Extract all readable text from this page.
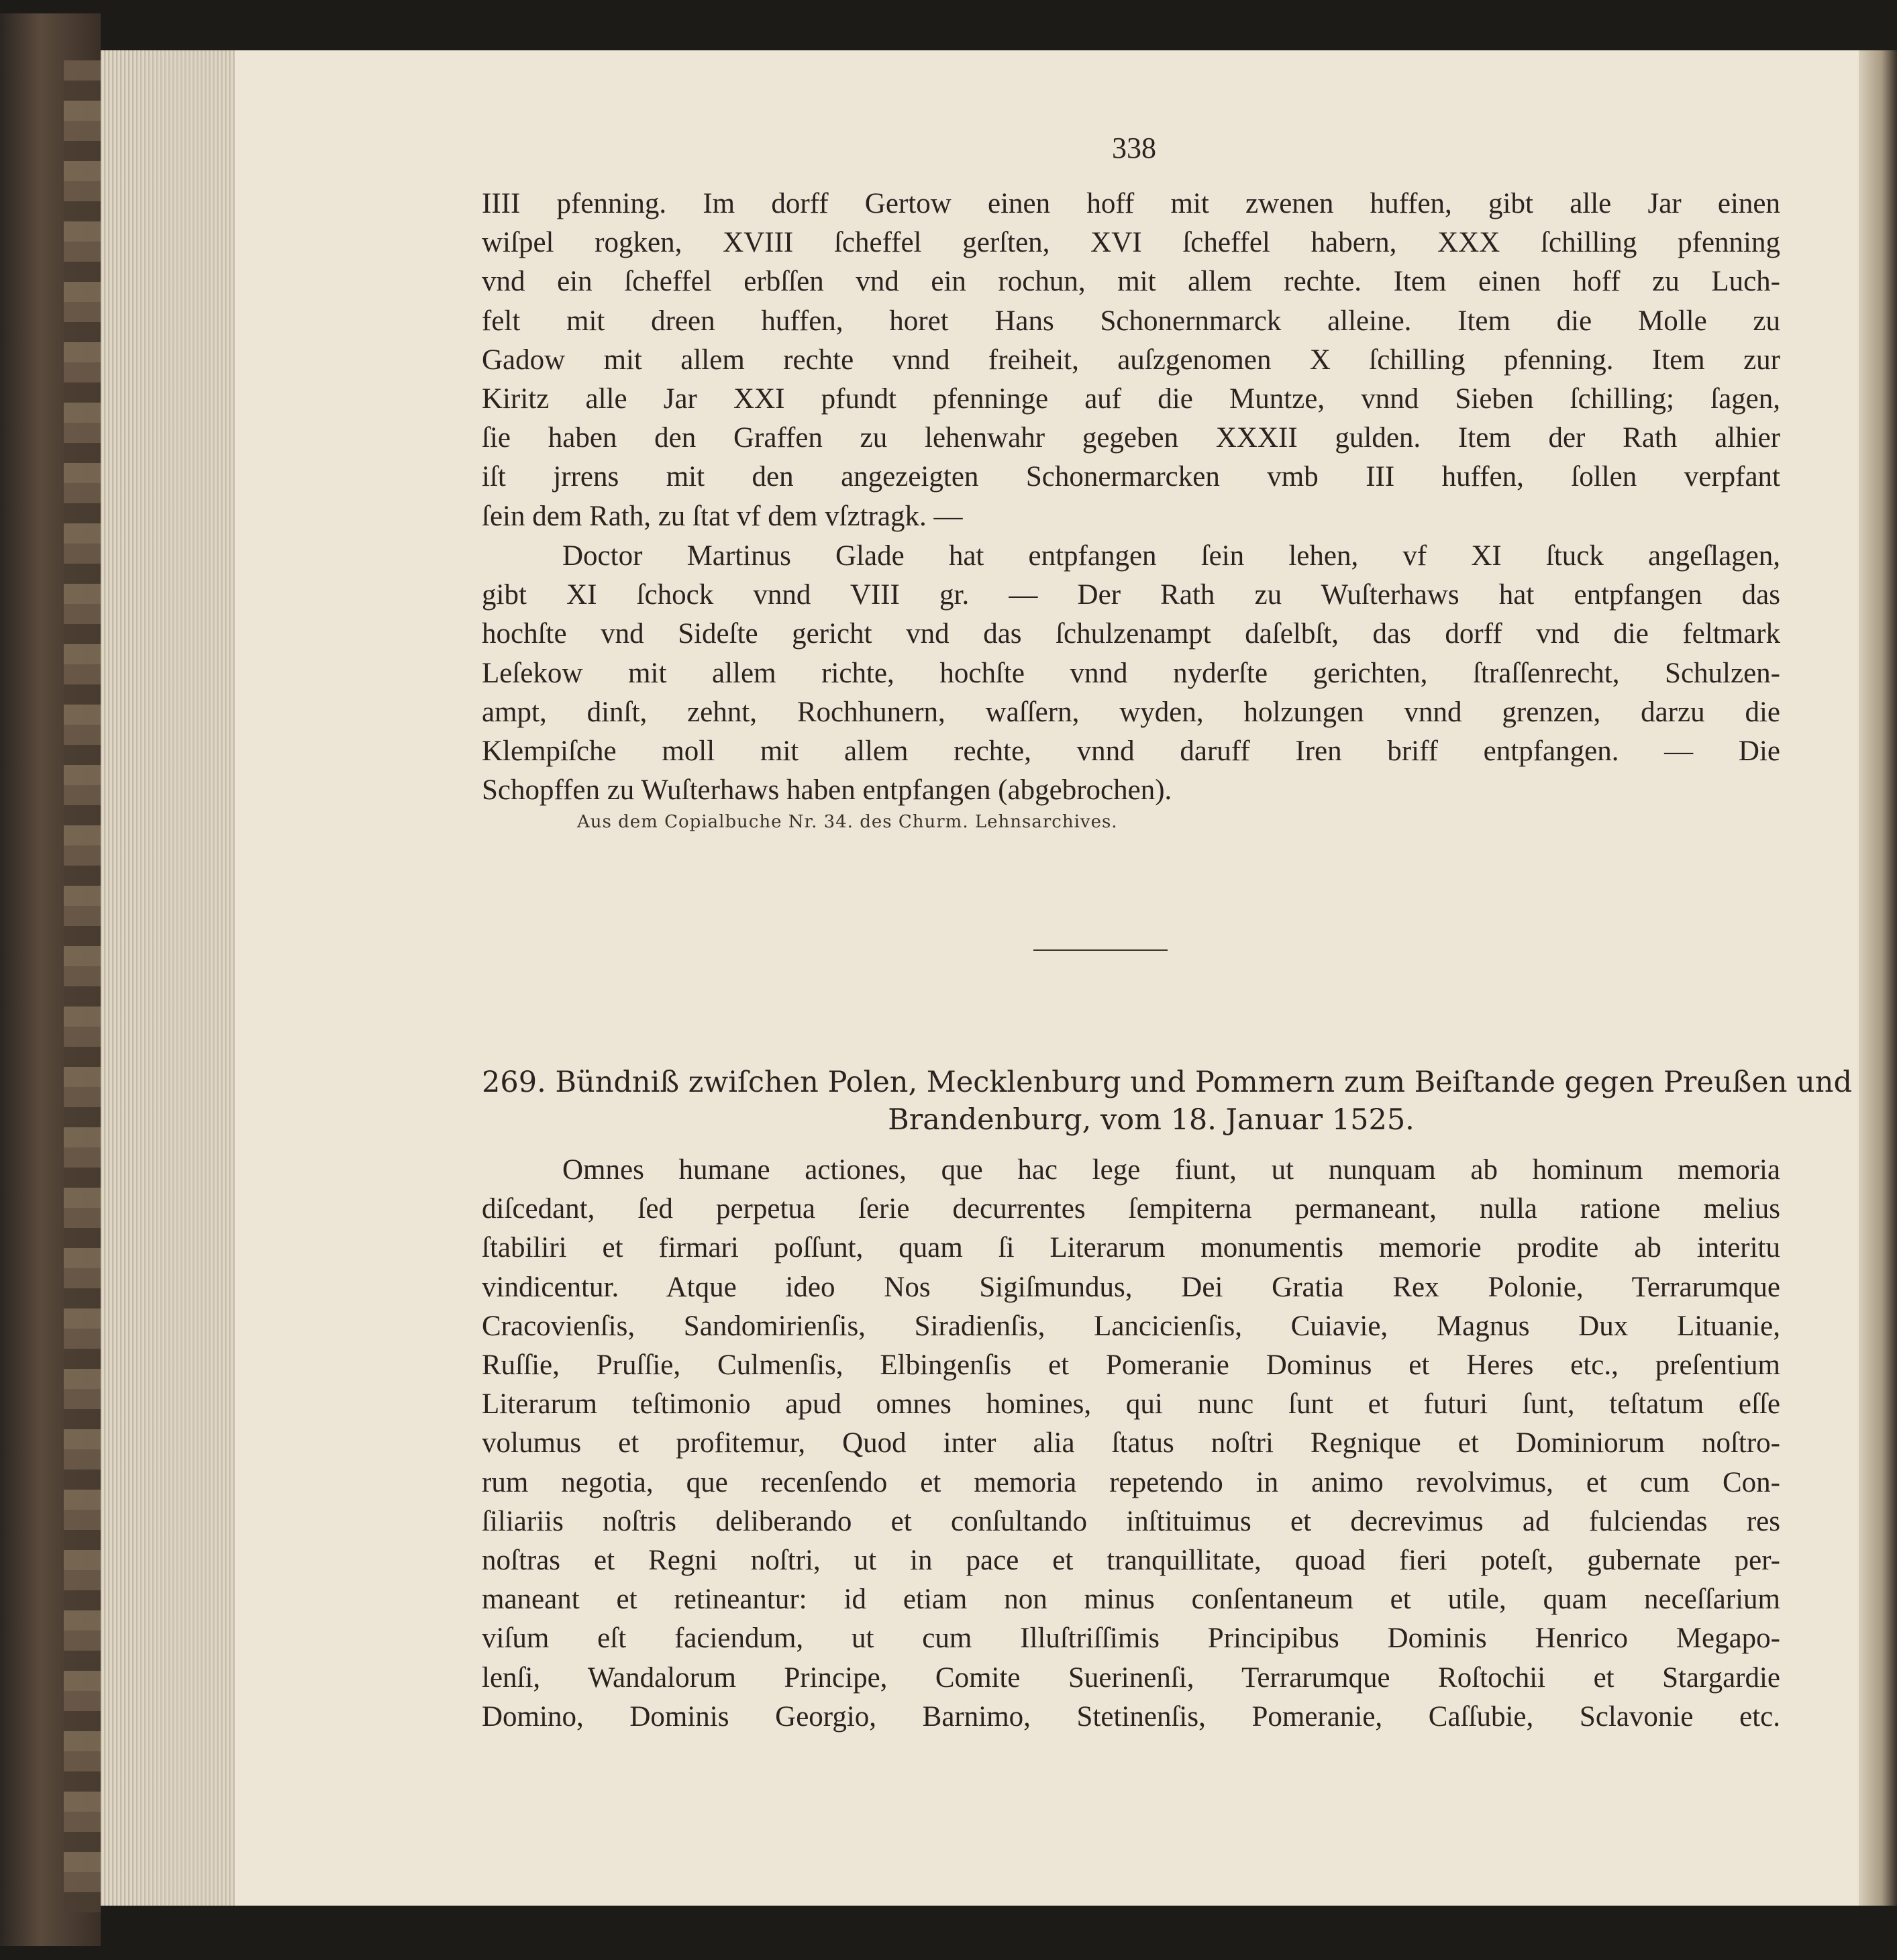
338
IIII pfenning. Im dorff Gertow einen hoff mit zwenen huffen, gibt alle Jar einen
wiſpel rogken, XVIII ſcheffel gerſten, XVI ſcheffel habern, XXX ſchilling pfenning
vnd ein ſcheffel erbſſen vnd ein rochun, mit allem rechte. Item einen hoff zu Luch-
felt mit dreen huffen, horet Hans Schonernmarck alleine. Item die Molle zu
Gadow mit allem rechte vnnd freiheit, auſzgenomen X ſchilling pfenning. Item zur
Kiritz alle Jar XXI pfundt pfenninge auf die Muntze, vnnd Sieben ſchilling; ſagen,
ſie haben den Graffen zu lehenwahr gegeben XXXII gulden. Item der Rath alhier
iſt jrrens mit den angezeigten Schonermarcken vmb III huffen, ſollen verpfant
ſein dem Rath, zu ſtat vf dem vſztragk. —
Doctor Martinus Glade hat entpfangen ſein lehen, vf XI ſtuck angeſlagen,
gibt XI ſchock vnnd VIII gr. — Der Rath zu Wuſterhaws hat entpfangen das
hochſte vnd Sideſte gericht vnd das ſchulzenampt daſelbſt, das dorff vnd die feltmark
Leſekow mit allem richte, hochſte vnnd nyderſte gerichten, ſtraſſenrecht, Schulzen-
ampt, dinſt, zehnt, Rochhunern, waſſern, wyden, holzungen vnnd grenzen, darzu die
Klempiſche moll mit allem rechte, vnnd daruff Iren briff entpfangen. — Die
Schopffen zu Wuſterhaws haben entpfangen (abgebrochen).
Aus dem Copialbuche Nr. 34. des Churm. Lehnsarchives.
269. Bündniß zwiſchen Polen, Mecklenburg und Pommern zum Beiſtande gegen Preußen und
Brandenburg, vom 18. Januar 1525.
Omnes humane actiones, que hac lege fiunt, ut nunquam ab hominum memoria
diſcedant, ſed perpetua ſerie decurrentes ſempiterna permaneant, nulla ratione melius
ſtabiliri et firmari poſſunt, quam ſi Literarum monumentis memorie prodite ab interitu
vindicentur. Atque ideo Nos Sigiſmundus, Dei Gratia Rex Polonie, Terrarumque
Cracovienſis, Sandomirienſis, Siradienſis, Lancicienſis, Cuiavie, Magnus Dux Lituanie,
Ruſſie, Pruſſie, Culmenſis, Elbingenſis et Pomeranie Dominus et Heres etc., preſentium
Literarum teſtimonio apud omnes homines, qui nunc ſunt et futuri ſunt, teſtatum eſſe
volumus et profitemur, Quod inter alia ſtatus noſtri Regnique et Dominiorum noſtro-
rum negotia, que recenſendo et memoria repetendo in animo revolvimus, et cum Con-
ſiliariis noſtris deliberando et conſultando inſtituimus et decrevimus ad fulciendas res
noſtras et Regni noſtri, ut in pace et tranquillitate, quoad fieri poteſt, gubernate per-
maneant et retineantur: id etiam non minus conſentaneum et utile, quam neceſſarium
viſum eſt faciendum, ut cum Illuſtriſſimis Principibus Dominis Henrico Megapo-
lenſi, Wandalorum Principe, Comite Suerinenſi, Terrarumque Roſtochii et Stargardie
Domino, Dominis Georgio, Barnimo, Stetinenſis, Pomeranie, Caſſubie, Sclavonie etc.
